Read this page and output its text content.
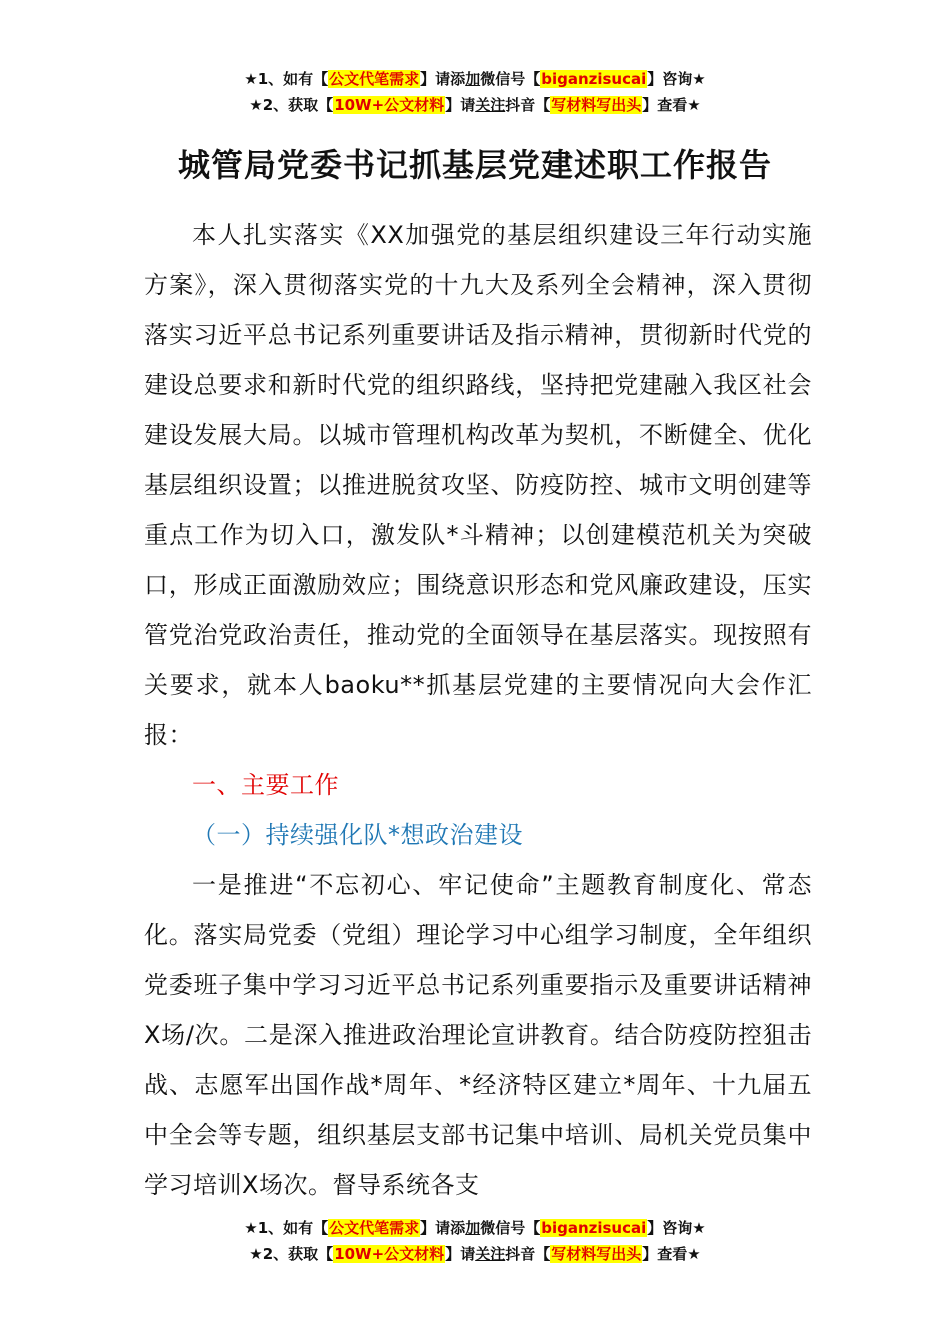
★1、如有【公文代笔需求】请添加微信号【biganzisucai】咨询★
★2、获取【10W+公文材料】请关注抖音【写材料写出头】查看★
城管局党委书记抓基层党建述职工作报告

本人扎实落实《XX加强党的基层组织建设三年行动实施方案》，深入贯彻落实党的十九大及系列全会精神，深入贯彻落实习近平总书记系列重要讲话及指示精神，贯彻新时代党的建设总要求和新时代党的组织路线，坚持把党建融入我区社会建设发展大局。以城市管理机构改革为契机，不断健全、优化基层组织设置；以推进脱贫攻坚、防疫防控、城市文明创建等重点工作为切入口，激发队*斗精神；以创建模范机关为突破口，形成正面激励效应；围绕意识形态和党风廉政建设，压实管党治党政治责任，推动党的全面领导在基层落实。现按照有关要求，就本人baoku**抓基层党建的主要情况向大会作汇报：

一、主要工作

（一）持续强化队*想政治建设

一是推进“不忘初心、牢记使命”主题教育制度化、常态化。落实局党委（党组）理论学习中心组学习制度，全年组织党委班子集中学习习近平总书记系列重要指示及重要讲话精神X场/次。二是深入推进政治理论宣讲教育。结合防疫防控狙击战、志愿军出国作战*周年、*经济特区建立*周年、十九届五中全会等专题，组织基层支部书记集中培训、局机关党员集中学习培训X场次。督导系统各支

★1、如有【公文代笔需求】请添加微信号【biganzisucai】咨询★
★2、获取【10W+公文材料】请关注抖音【写材料写出头】查看★
